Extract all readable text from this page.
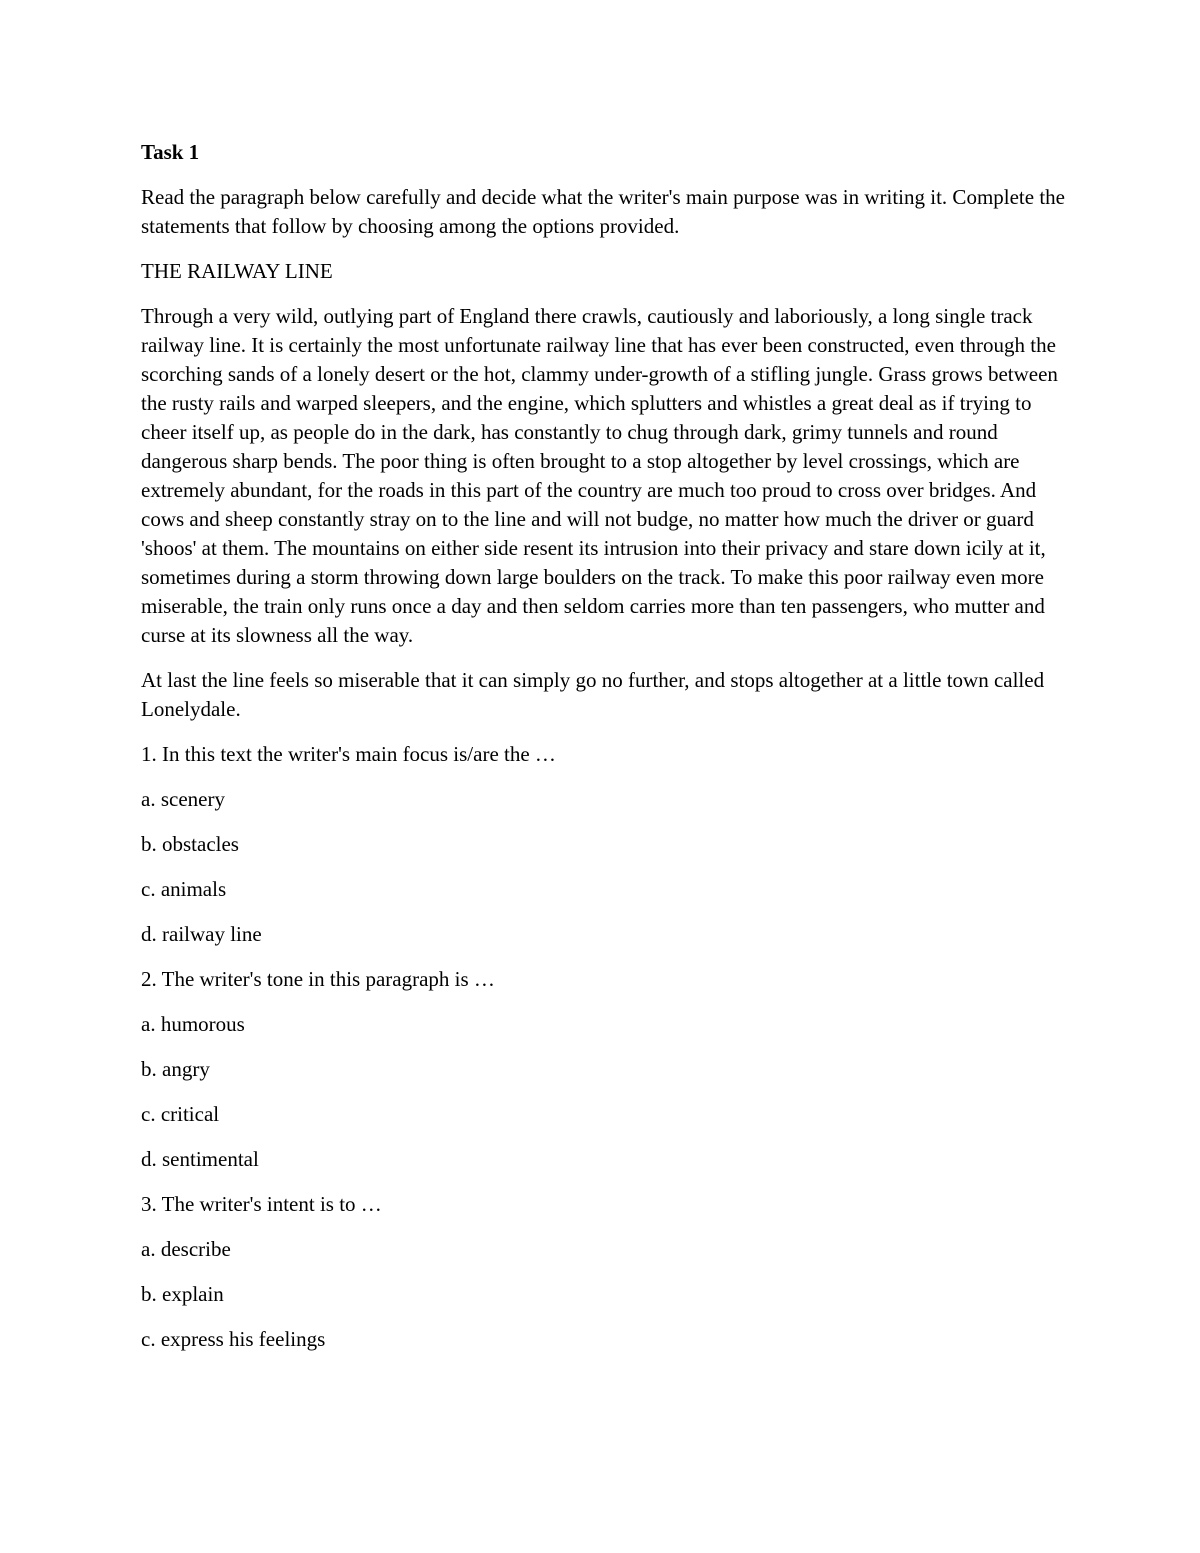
Task 1

Read the paragraph below carefully and decide what the writer's main purpose was in writing it. Complete the statements that follow by choosing among the options provided.

THE RAILWAY LINE

Through a very wild, outlying part of England there crawls, cautiously and laboriously, a long single track railway line. It is certainly the most unfortunate railway line that has ever been constructed, even through the scorching sands of a lonely desert or the hot, clammy under-growth of a stifling jungle. Grass grows between the rusty rails and warped sleepers, and the engine, which splutters and whistles a great deal as if trying to cheer itself up, as people do in the dark, has constantly to chug through dark, grimy tunnels and round dangerous sharp bends. The poor thing is often brought to a stop altogether by level crossings, which are extremely abundant, for the roads in this part of the country are much too proud to cross over bridges. And cows and sheep constantly stray on to the line and will not budge, no matter how much the driver or guard 'shoos' at them. The mountains on either side resent its intrusion into their privacy and stare down icily at it, sometimes during a storm throwing down large boulders on the track. To make this poor railway even more miserable, the train only runs once a day and then seldom carries more than ten passengers, who mutter and curse at its slowness all the way.

At last the line feels so miserable that it can simply go no further, and stops altogether at a little town called Lonelydale.

1. In this text the writer's main focus is/are the …

a. scenery

b. obstacles

c. animals

d. railway line

2. The writer's tone in this paragraph is …

a. humorous

b. angry

c. critical

d. sentimental

3. The writer's intent is to …

a. describe

b. explain

c. express his feelings
